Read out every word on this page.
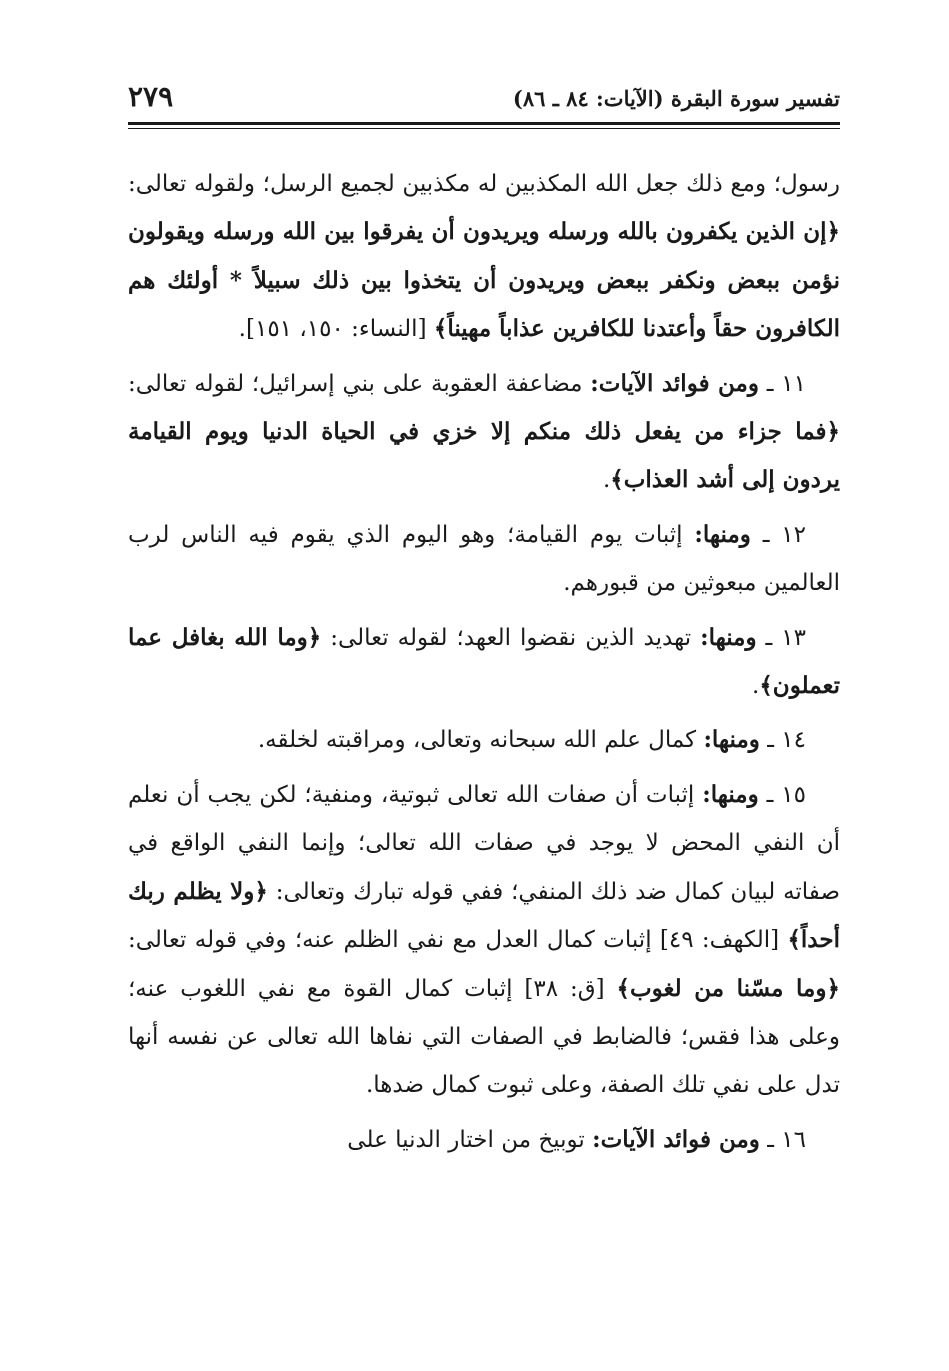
تفسير سورة البقرة (الآيات: ٨٤ ـ ٨٦)
٢٧٩

رسول؛ ومع ذلك جعل الله المكذبين له مكذبين لجميع الرسل؛ ولقوله تعالى: ﴿إن الذين يكفرون بالله ورسله ويريدون أن يفرقوا بين الله ورسله ويقولون نؤمن ببعض ونكفر ببعض ويريدون أن يتخذوا بين ذلك سبيلاً * أولئك هم الكافرون حقاً وأعتدنا للكافرين عذاباً مهيناً﴾ [النساء: ١٥٠، ١٥١].

١١ ـ ومن فوائد الآيات: مضاعفة العقوبة على بني إسرائيل؛ لقوله تعالى: ﴿فما جزاء من يفعل ذلك منكم إلا خزي في الحياة الدنيا ويوم القيامة يردون إلى أشد العذاب﴾.

١٢ ـ ومنها: إثبات يوم القيامة؛ وهو اليوم الذي يقوم فيه الناس لرب العالمين مبعوثين من قبورهم.

١٣ ـ ومنها: تهديد الذين نقضوا العهد؛ لقوله تعالى: ﴿وما الله بغافل عما تعملون﴾.

١٤ ـ ومنها: كمال علم الله سبحانه وتعالى، ومراقبته لخلقه.

١٥ ـ ومنها: إثبات أن صفات الله تعالى ثبوتية، ومنفية؛ لكن يجب أن نعلم أن النفي المحض لا يوجد في صفات الله تعالى؛ وإنما النفي الواقع في صفاته لبيان كمال ضد ذلك المنفي؛ ففي قوله تبارك وتعالى: ﴿ولا يظلم ربك أحداً﴾ [الكهف: ٤٩] إثبات كمال العدل مع نفي الظلم عنه؛ وفي قوله تعالى: ﴿وما مسّنا من لغوب﴾ [ق: ٣٨] إثبات كمال القوة مع نفي اللغوب عنه؛ وعلى هذا فقس؛ فالضابط في الصفات التي نفاها الله تعالى عن نفسه أنها تدل على نفي تلك الصفة، وعلى ثبوت كمال ضدها.

١٦ ـ ومن فوائد الآيات: توبيخ من اختار الدنيا على
